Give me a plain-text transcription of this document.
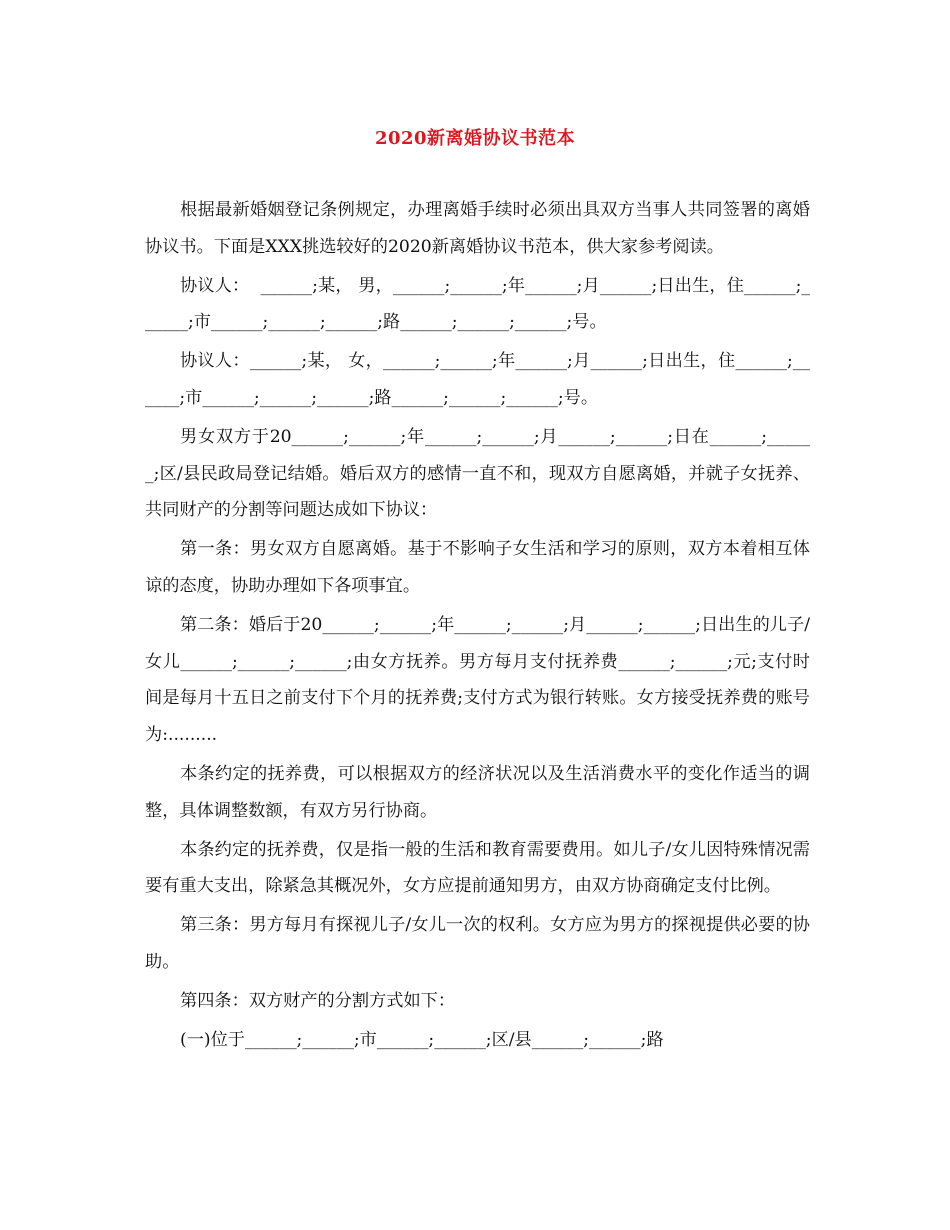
2020新离婚协议书范本

根据最新婚姻登记条例规定，办理离婚手续时必须出具双方当事人共同签署的离婚协议书。下面是XXX挑选较好的2020新离婚协议书范本，供大家参考阅读。

协议人：  ______;某， 男，______;______;年______;月______;日出生，住______;______;市______;______;______;路______;______;______;号。

协议人：______;某， 女，______;______;年______;月______;日出生，住______;______;市______;______;______;路______;______;______;号。

男女双方于20______;______;年______;______;月______;______;日在______;______;区/县民政局登记结婚。婚后双方的感情一直不和，现双方自愿离婚，并就子女抚养、共同财产的分割等问题达成如下协议：

第一条：男女双方自愿离婚。基于不影响子女生活和学习的原则，双方本着相互体谅的态度，协助办理如下各项事宜。

第二条：婚后于20______;______;年______;______;月______;______;日出生的儿子/女儿______;______;______;由女方抚养。男方每月支付抚养费______;______;元;支付时间是每月十五日之前支付下个月的抚养费;支付方式为银行转账。女方接受抚养费的账号为:.........

本条约定的抚养费，可以根据双方的经济状况以及生活消费水平的变化作适当的调整，具体调整数额，有双方另行协商。

本条约定的抚养费，仅是指一般的生活和教育需要费用。如儿子/女儿因特殊情况需要有重大支出，除紧急其概况外，女方应提前通知男方，由双方协商确定支付比例。

第三条：男方每月有探视儿子/女儿一次的权利。女方应为男方的探视提供必要的协助。

第四条：双方财产的分割方式如下：

(一)位于______;______;市______;______;区/县______;______;路
